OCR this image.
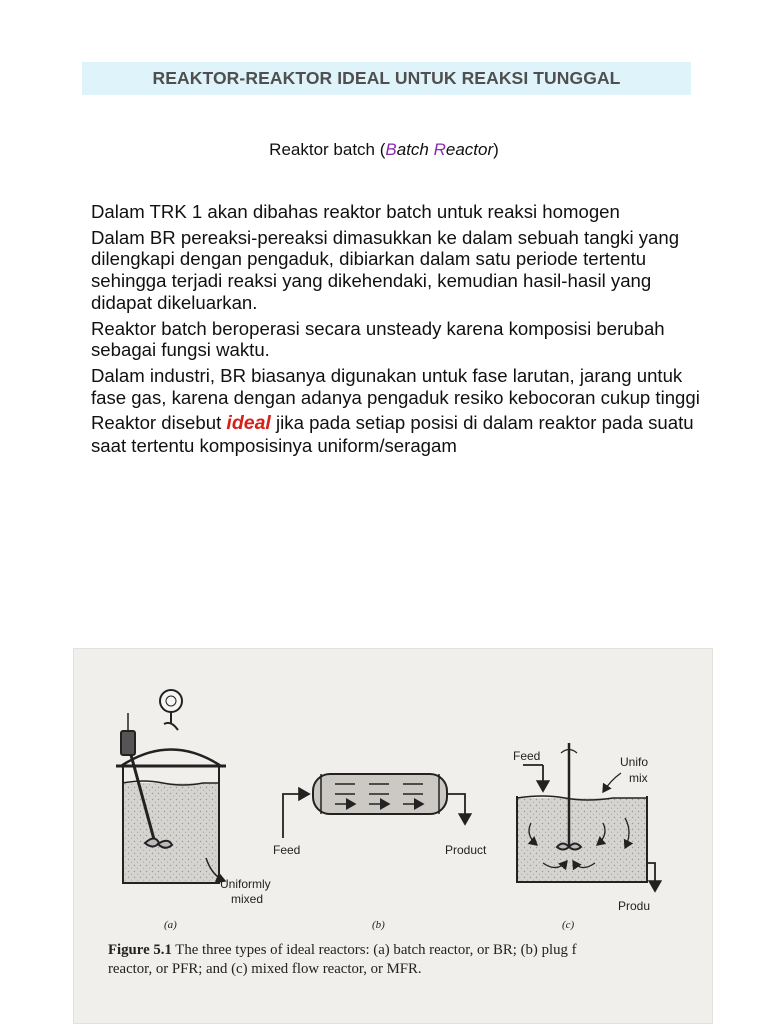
REAKTOR-REAKTOR IDEAL UNTUK REAKSI TUNGGAL
Reaktor batch (Batch Reactor)

Dalam TRK 1 akan dibahas reaktor batch untuk reaksi homogen

Dalam BR pereaksi-pereaksi dimasukkan ke dalam sebuah tangki yang dilengkapi dengan pengaduk, dibiarkan dalam satu periode tertentu sehingga terjadi reaksi yang dikehendaki, kemudian hasil-hasil yang didapat dikeluarkan.

Reaktor batch beroperasi secara unsteady karena komposisi berubah sebagai fungsi waktu.

Dalam industri, BR biasanya digunakan untuk fase larutan, jarang untuk fase gas, karena dengan adanya pengaduk resiko kebocoran cukup tinggi

Reaktor disebut ideal jika pada setiap posisi di dalam reaktor pada suatu saat tertentu komposisinya uniform/seragam

Uniformly
mixed
Feed	Product
Feed	Unifo
mix
Produ
(a)	(b)	(c)
Figure 5.1 The three types of ideal reactors: (a) batch reactor, or BR; (b) plug f
reactor, or PFR; and (c) mixed flow reactor, or MFR.
